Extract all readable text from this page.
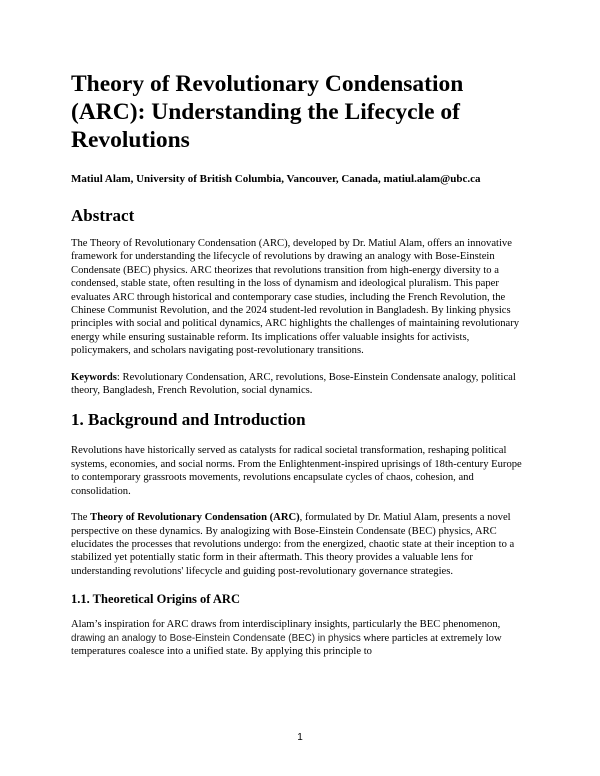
Theory of Revolutionary Condensation (ARC): Understanding the Lifecycle of Revolutions
Matiul Alam, University of British Columbia, Vancouver, Canada, matiul.alam@ubc.ca
Abstract

The Theory of Revolutionary Condensation (ARC), developed by Dr. Matiul Alam, offers an innovative framework for understanding the lifecycle of revolutions by drawing an analogy with Bose-Einstein Condensate (BEC) physics. ARC theorizes that revolutions transition from high-energy diversity to a condensed, stable state, often resulting in the loss of dynamism and ideological pluralism. This paper evaluates ARC through historical and contemporary case studies, including the French Revolution, the Chinese Communist Revolution, and the 2024 student-led revolution in Bangladesh. By linking physics principles with social and political dynamics, ARC highlights the challenges of maintaining revolutionary energy while ensuring sustainable reform. Its implications offer valuable insights for activists, policymakers, and scholars navigating post-revolutionary transitions.

Keywords: Revolutionary Condensation, ARC, revolutions, Bose-Einstein Condensate analogy, political theory, Bangladesh, French Revolution, social dynamics.

1. Background and Introduction

Revolutions have historically served as catalysts for radical societal transformation, reshaping political systems, economies, and social norms. From the Enlightenment-inspired uprisings of 18th-century Europe to contemporary grassroots movements, revolutions encapsulate cycles of chaos, cohesion, and consolidation.

The Theory of Revolutionary Condensation (ARC), formulated by Dr. Matiul Alam, presents a novel perspective on these dynamics. By analogizing with Bose-Einstein Condensate (BEC) physics, ARC elucidates the processes that revolutions undergo: from the energized, chaotic state at their inception to a stabilized yet potentially static form in their aftermath. This theory provides a valuable lens for understanding revolutions' lifecycle and guiding post-revolutionary governance strategies.

1.1. Theoretical Origins of ARC

Alam’s inspiration for ARC draws from interdisciplinary insights, particularly the BEC phenomenon, drawing an analogy to Bose-Einstein Condensate (BEC) in physics where particles at extremely low temperatures coalesce into a unified state. By applying this principle to

1
